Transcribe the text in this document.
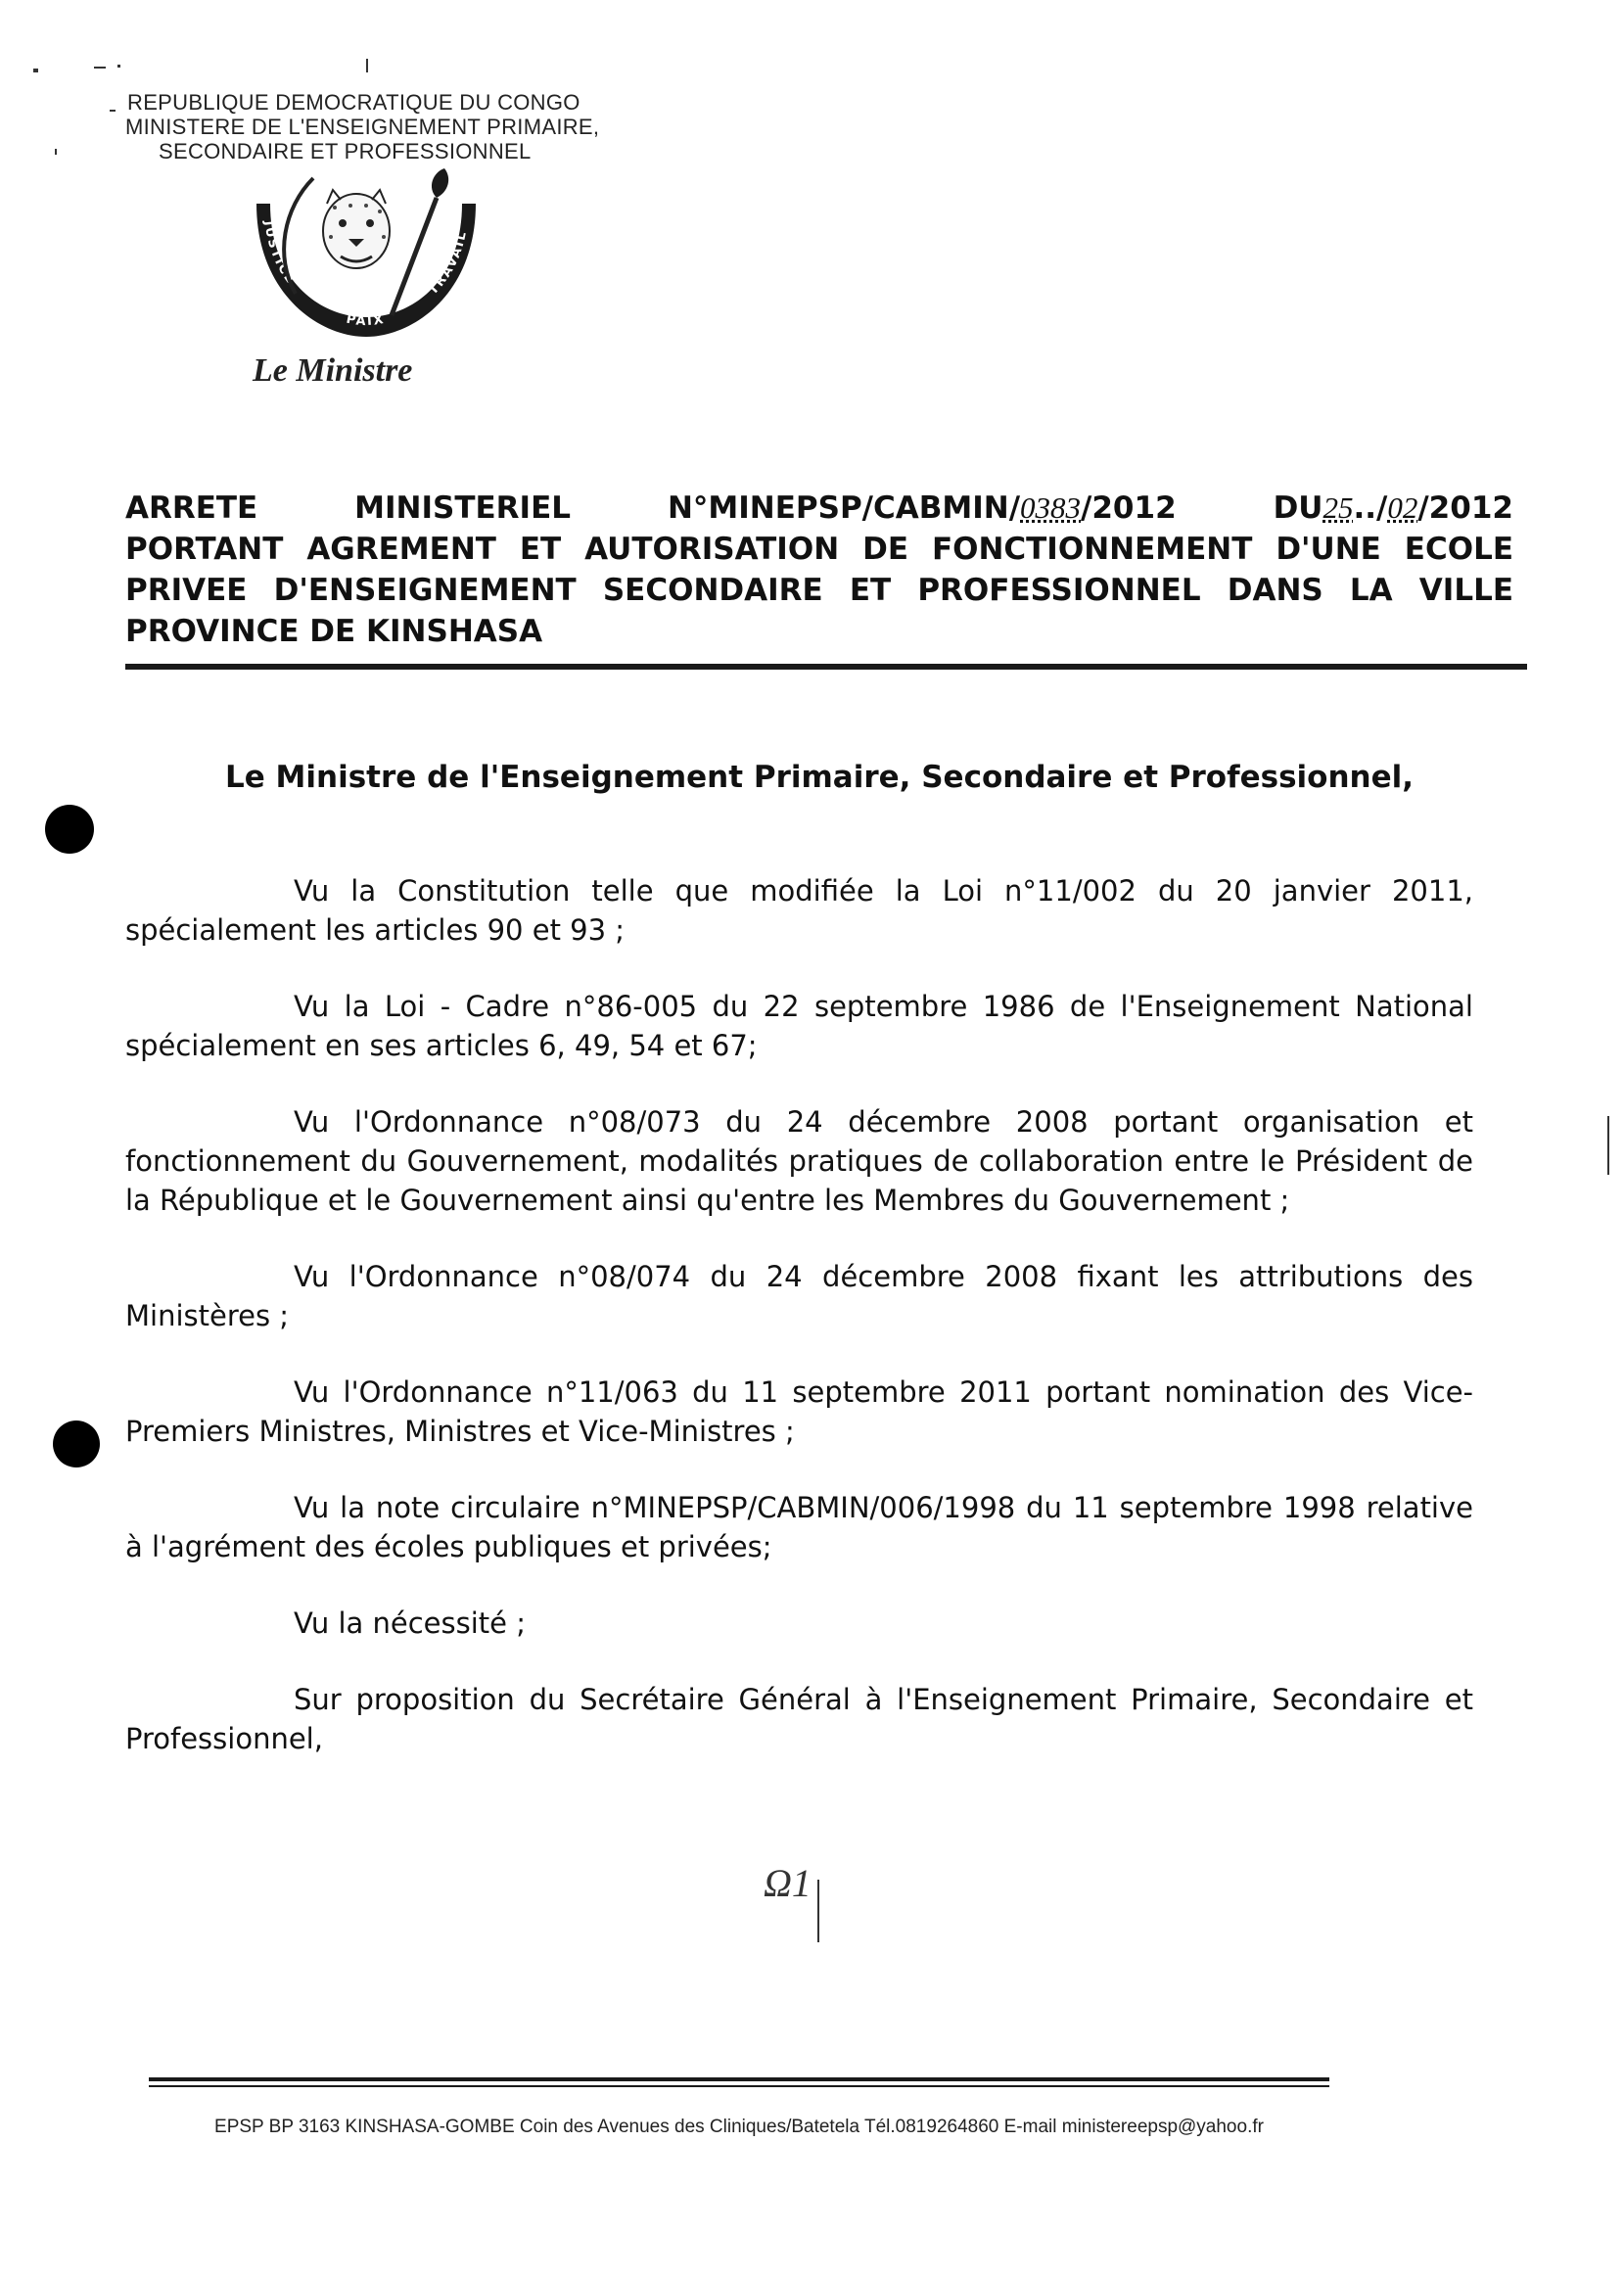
REPUBLIQUE DEMOCRATIQUE DU CONGO
MINISTERE DE L'ENSEIGNEMENT PRIMAIRE,
SECONDAIRE ET PROFESSIONNEL
JUSTICE
PAIX
TRAVAIL
Le Ministre
ARRETE	MINISTERIEL	N°MINEPSP/CABMIN/0383/2012	DU25../02/2012
PORTANT AGREMENT ET AUTORISATION DE FONCTIONNEMENT D'UNE ECOLE
PRIVEE D'ENSEIGNEMENT SECONDAIRE ET PROFESSIONNEL DANS LA VILLE
PROVINCE DE KINSHASA
Le Ministre de l'Enseignement Primaire, Secondaire et Professionnel,

Vu la Constitution telle que modifiée la Loi n°11/002 du 20 janvier 2011, spécialement les articles 90 et 93 ;

Vu la Loi - Cadre n°86-005 du 22 septembre 1986 de l'Enseignement National spécialement en ses articles 6, 49, 54 et 67;

Vu l'Ordonnance n°08/073 du 24 décembre 2008 portant organisation et fonctionnement du Gouvernement, modalités pratiques de collaboration entre le Président de la République et le Gouvernement ainsi qu'entre les Membres du Gouvernement ;

Vu l'Ordonnance n°08/074 du 24 décembre 2008 fixant les attributions des Ministères ;

Vu l'Ordonnance n°11/063 du 11 septembre 2011 portant nomination des Vice-Premiers Ministres, Ministres et Vice-Ministres ;

Vu la note circulaire n°MINEPSP/CABMIN/006/1998 du 11 septembre 1998 relative à l'agrément des écoles publiques et privées;

Vu la nécessité ;

Sur proposition du Secrétaire Général à l'Enseignement Primaire, Secondaire et Professionnel,

Ω1
EPSP BP 3163 KINSHASA-GOMBE Coin des Avenues des Cliniques/Batetela Tél.0819264860 E-mail ministereepsp@yahoo.fr
